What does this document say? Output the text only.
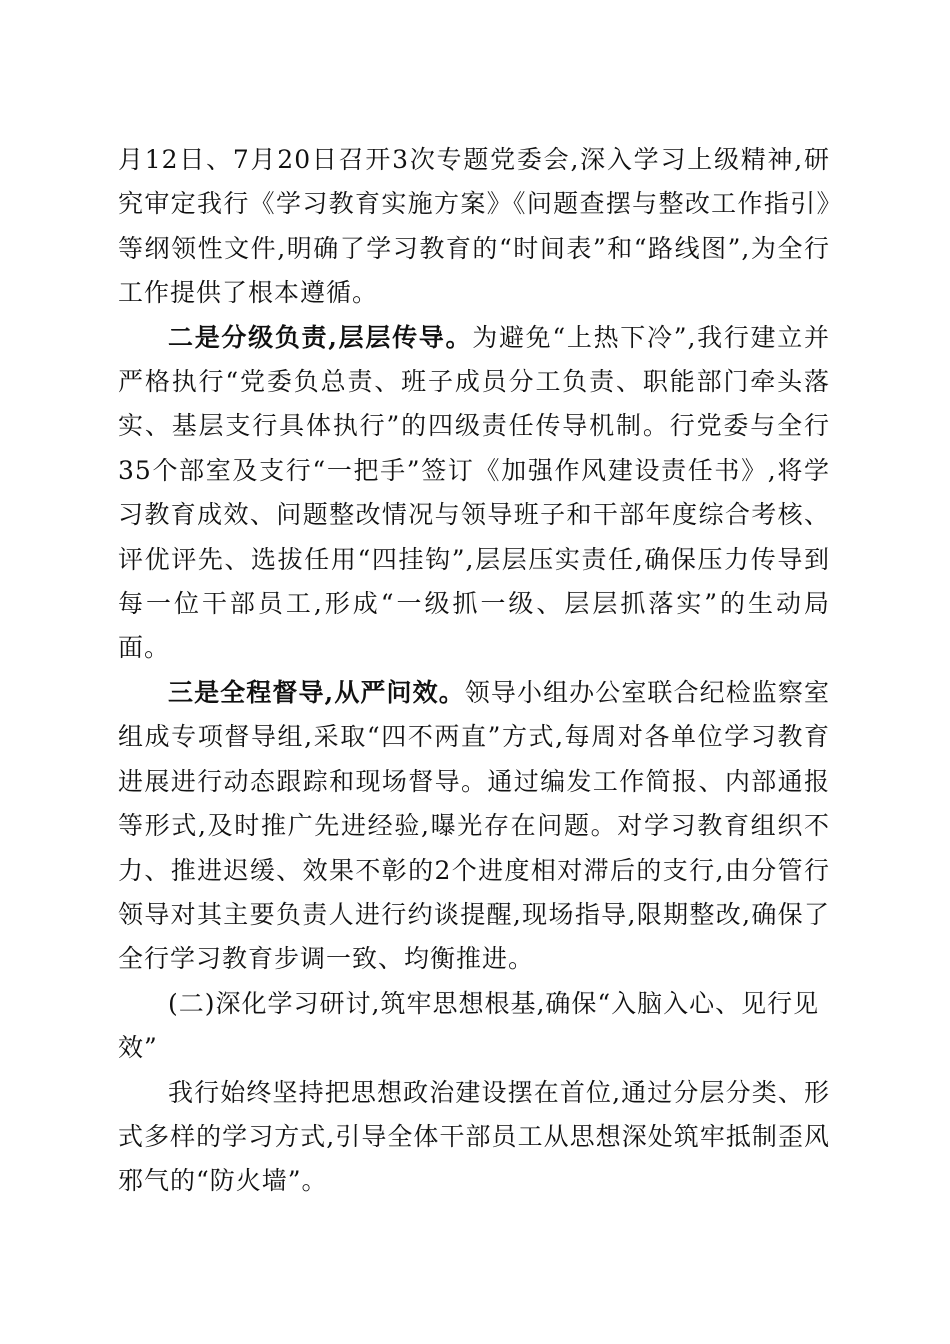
月12日、7月20日召开3次专题党委会,深入学习上级精神,研究审定我行《学习教育实施方案》《问题查摆与整改工作指引》等纲领性文件,明确了学习教育的“时间表”和“路线图”,为全行工作提供了根本遵循。

二是分级负责,层层传导。为避免“上热下冷”,我行建立并严格执行“党委负总责、班子成员分工负责、职能部门牵头落实、基层支行具体执行”的四级责任传导机制。行党委与全行35个部室及支行“一把手”签订《加强作风建设责任书》,将学习教育成效、问题整改情况与领导班子和干部年度综合考核、评优评先、选拔任用“四挂钩”,层层压实责任,确保压力传导到每一位干部员工,形成“一级抓一级、层层抓落实”的生动局面。

三是全程督导,从严问效。领导小组办公室联合纪检监察室组成专项督导组,采取“四不两直”方式,每周对各单位学习教育进展进行动态跟踪和现场督导。通过编发工作简报、内部通报等形式,及时推广先进经验,曝光存在问题。对学习教育组织不力、推进迟缓、效果不彰的2个进度相对滞后的支行,由分管行领导对其主要负责人进行约谈提醒,现场指导,限期整改,确保了全行学习教育步调一致、均衡推进。

(二)深化学习研讨,筑牢思想根基,确保“入脑入心、见行见效”

我行始终坚持把思想政治建设摆在首位,通过分层分类、形式多样的学习方式,引导全体干部员工从思想深处筑牢抵制歪风邪气的“防火墙”。
